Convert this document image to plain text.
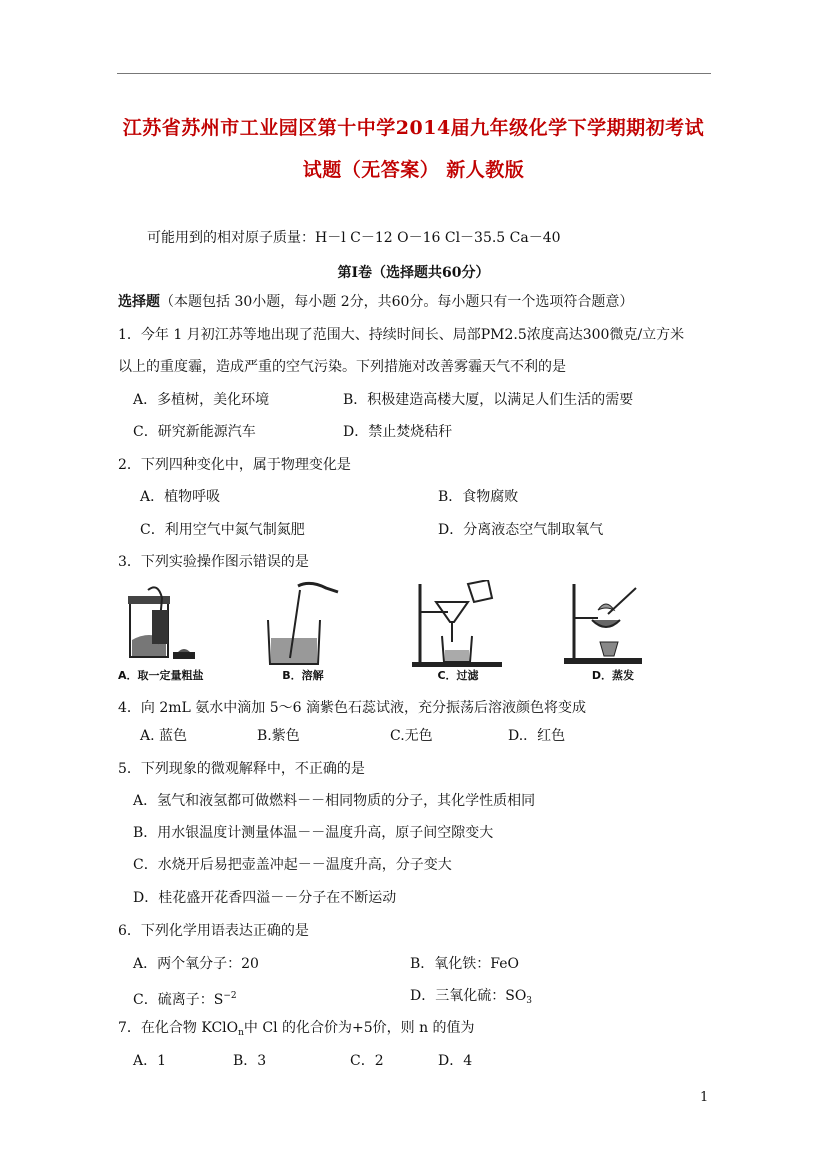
江苏省苏州市工业园区第十中学2014届九年级化学下学期期初考试
试题（无答案） 新人教版
可能用到的相对原子质量：H－l C－12 O－16 Cl－35.5 Ca－40
第Ⅰ卷（选择题共60分）
选择题（本题包括 30小题，每小题 2分，共60分。每小题只有一个选项符合题意）
1．今年 1 月初江苏等地出现了范围大、持续时间长、局部PM2.5浓度高达300微克/立方米
以上的重度霾，造成严重的空气污染。下列措施对改善雾霾天气不利的是
A．多植树，美化环境	B．积极建造高楼大厦，以满足人们生活的需要
C．研究新能源汽车	D．禁止焚烧秸秆
2．下列四种变化中，属于物理变化是
A．植物呼吸	B．食物腐败
C．利用空气中氮气制氮肥	D．分离液态空气制取氧气
3．下列实验操作图示错误的是
A．取一定量粗盐	B．溶解	C．过滤	D．蒸发
4．向 2mL 氨水中滴加 5～6 滴紫色石蕊试液，充分振荡后溶液颜色将变成
A. 蓝色	B.紫色	C.无色	D.．红色
5．下列现象的微观解释中，不正确的是
A．氢气和液氢都可做燃料－－相同物质的分子，其化学性质相同
B．用水银温度计测量体温－－温度升高，原子间空隙变大
C．水烧开后易把壶盖冲起－－温度升高，分子变大
D．桂花盛开花香四溢－－分子在不断运动
6．下列化学用语表达正确的是
A．两个氧分子：20	B．氧化铁：FeO
C．硫离子：$S^{-2}$	D．三氧化硫：$SO_3$
7．在化合物 KClO$_n$中 Cl 的化合价为+5价，则 n 的值为
A．1	B．3	C．2	D．4
1
